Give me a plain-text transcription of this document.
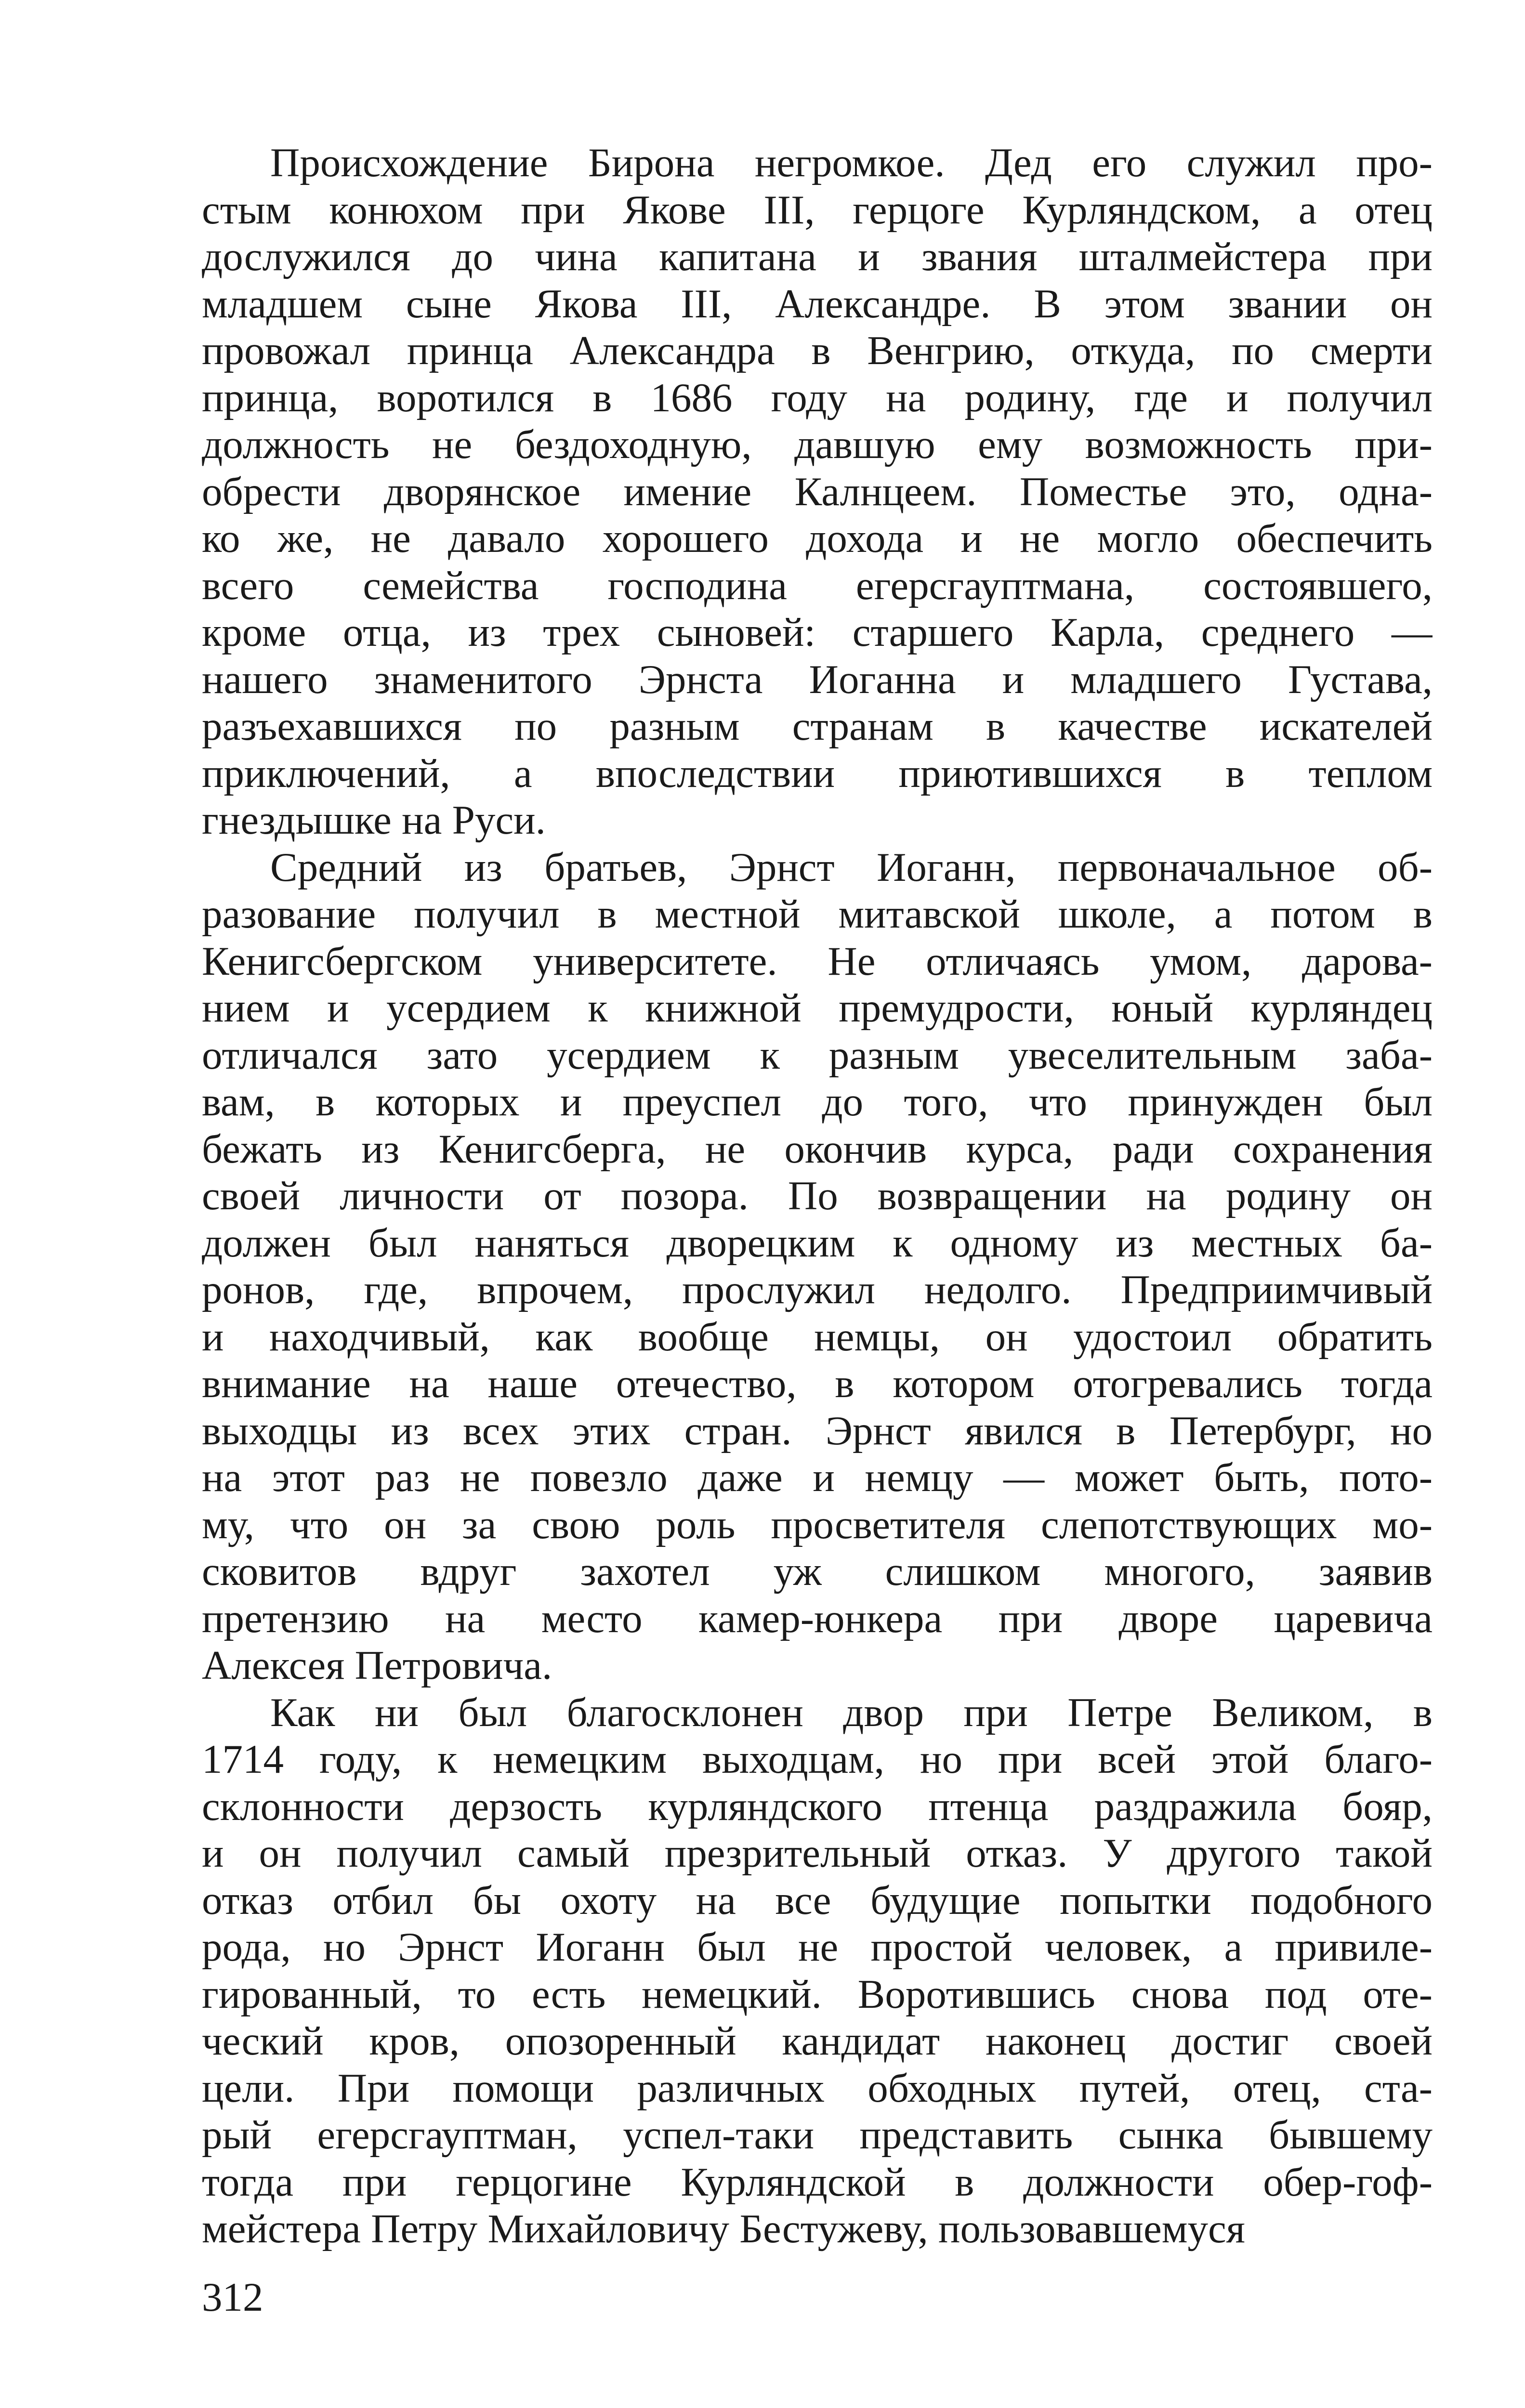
Происхождение Бирона негромкое. Дед его служил про-
стым конюхом при Якове III, герцоге Курляндском, а отец
дослужился до чина капитана и звания шталмейстера при
младшем сыне Якова III, Александре. В этом звании он
провожал принца Александра в Венгрию, откуда, по смерти
принца, воротился в 1686 году на родину, где и получил
должность не бездоходную, давшую ему возможность при-
обрести дворянское имение Калнцеем. Поместье это, одна-
ко же, не давало хорошего дохода и не могло обеспечить
всего семейства господина егерсгауптмана, состоявшего,
кроме отца, из трех сыновей: старшего Карла, среднего —
нашего знаменитого Эрнста Иоганна и младшего Густава,
разъехавшихся по разным странам в качестве искателей
приключений, а впоследствии приютившихся в теплом
гнездышке на Руси.
Средний из братьев, Эрнст Иоганн, первоначальное об-
разование получил в местной митавской школе, а потом в
Кенигсбергском университете. Не отличаясь умом, дарова-
нием и усердием к книжной премудрости, юный курляндец
отличался зато усердием к разным увеселительным заба-
вам, в которых и преуспел до того, что принужден был
бежать из Кенигсберга, не окончив курса, ради сохранения
своей личности от позора. По возвращении на родину он
должен был наняться дворецким к одному из местных ба-
ронов, где, впрочем, прослужил недолго. Предприимчивый
и находчивый, как вообще немцы, он удостоил обратить
внимание на наше отечество, в котором отогревались тогда
выходцы из всех этих стран. Эрнст явился в Петербург, но
на этот раз не повезло даже и немцу — может быть, пото-
му, что он за свою роль просветителя слепотствующих мо-
сковитов вдруг захотел уж слишком многого, заявив
претензию на место камер-юнкера при дворе царевича
Алексея Петровича.
Как ни был благосклонен двор при Петре Великом, в
1714 году, к немецким выходцам, но при всей этой благо-
склонности дерзость курляндского птенца раздражила бояр,
и он получил самый презрительный отказ. У другого такой
отказ отбил бы охоту на все будущие попытки подобного
рода, но Эрнст Иоганн был не простой человек, а привиле-
гированный, то есть немецкий. Воротившись снова под оте-
ческий кров, опозоренный кандидат наконец достиг своей
цели. При помощи различных обходных путей, отец, ста-
рый егерсгауптман, успел-таки представить сынка бывшему
тогда при герцогине Курляндской в должности обер-гоф-
мейстера Петру Михайловичу Бестужеву, пользовавшемуся
312
